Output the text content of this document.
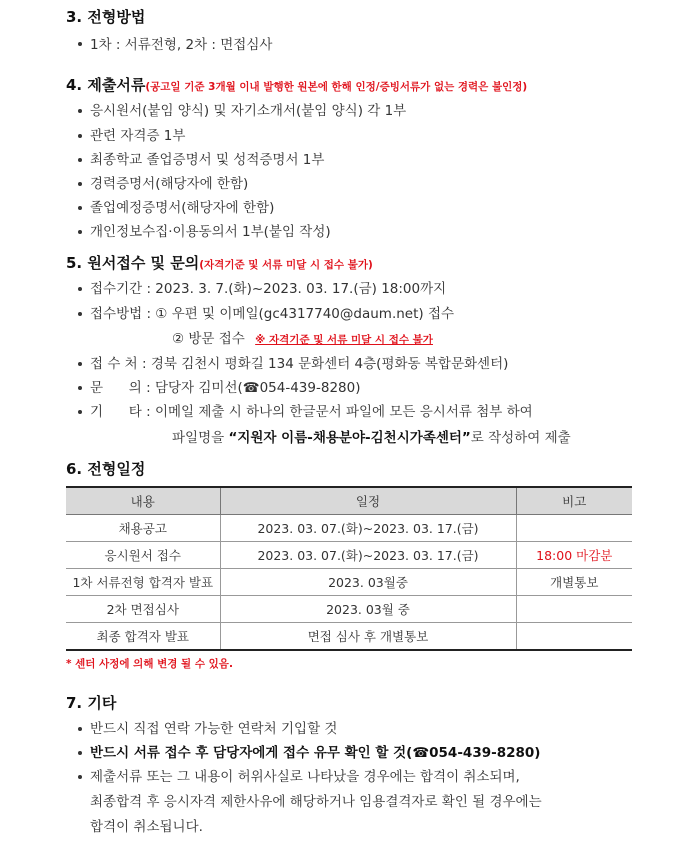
3. 전형방법
1차 : 서류전형, 2차 : 면접심사
4. 제출서류(공고일 기준 3개월 이내 발행한 원본에 한해 인정/증빙서류가 없는 경력은 불인정)
응시원서(붙임 양식) 및 자기소개서(붙임 양식) 각 1부
관련 자격증 1부
최종학교 졸업증명서 및 성적증명서 1부
경력증명서(해당자에 한함)
졸업예정증명서(해당자에 한함)
개인정보수집·이용동의서 1부(붙임 작성)
5. 원서접수 및 문의(자격기준 및 서류 미달 시 접수 불가)
접수기간 : 2023. 3. 7.(화)~2023. 03. 17.(금) 18:00까지
접수방법 : ① 우편 및 이메일(gc4317740@daum.net) 접수
② 방문 접수 ※ 자격기준 및 서류 미달 시 접수 불가
접 수 처 : 경북 김천시 평화길 134 문화센터 4층(평화동 복합문화센터)
문      의 : 담당자 김미선(☎054-439-8280)
기      타 : 이메일 제출 시 하나의 한글문서 파일에 모든 응시서류 첨부 하여
파일명을 “지원자 이름-채용분야-김천시가족센터”로 작성하여 제출
6. 전형일정
내용	일정	비고
채용공고	2023. 03. 07.(화)~2023. 03. 17.(금)	
응시원서 접수	2023. 03. 07.(화)~2023. 03. 17.(금)	18:00 마감분
1차 서류전형 합격자 발표	2023. 03월중	개별통보
2차 면접심사	2023. 03월 중	
최종 합격자 발표	면접 심사 후 개별통보	
* 센터 사정에 의해 변경 될 수 있음.
7. 기타
반드시 직접 연락 가능한 연락처 기입할 것
반드시 서류 접수 후 담당자에게 접수 유무 확인 할 것(☎054-439-8280)
제출서류 또는 그 내용이 허위사실로 나타났을 경우에는 합격이 취소되며,
최종합격 후 응시자격 제한사유에 해당하거나 임용결격자로 확인 될 경우에는
합격이 취소됩니다.
